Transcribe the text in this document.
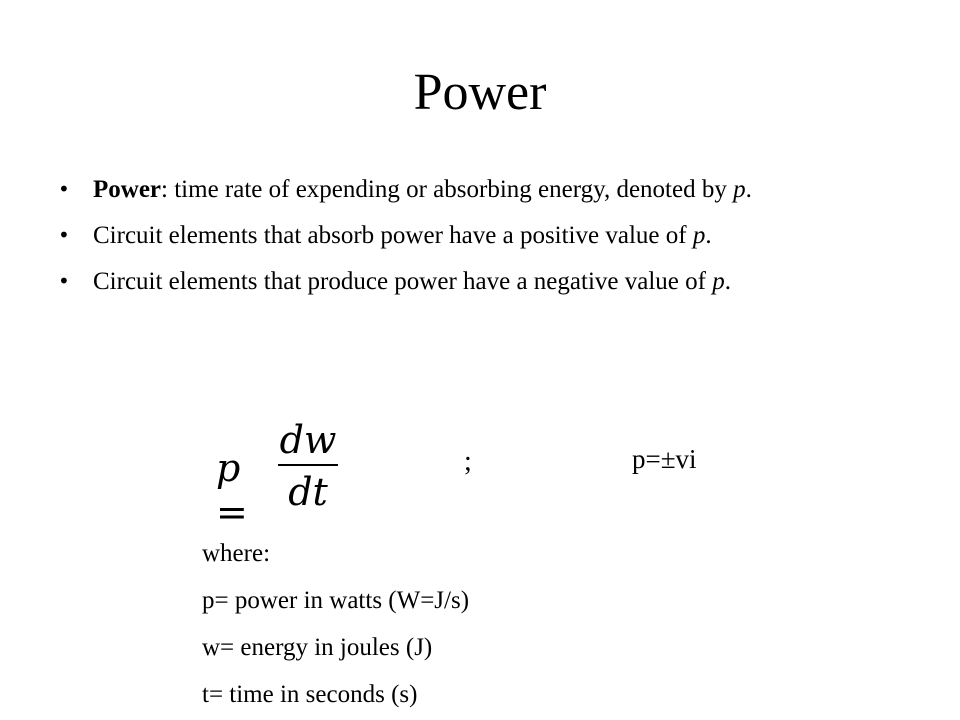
Power
• Power: time rate of expending or absorbing energy, denoted by p.
• Circuit elements that absorb power have a positive value of p.
• Circuit elements that produce power have a negative value of p.
p =
dw
dt
;	p=±vi
where:
p= power in watts (W=J/s)
w= energy in joules (J)
t= time in seconds (s)
